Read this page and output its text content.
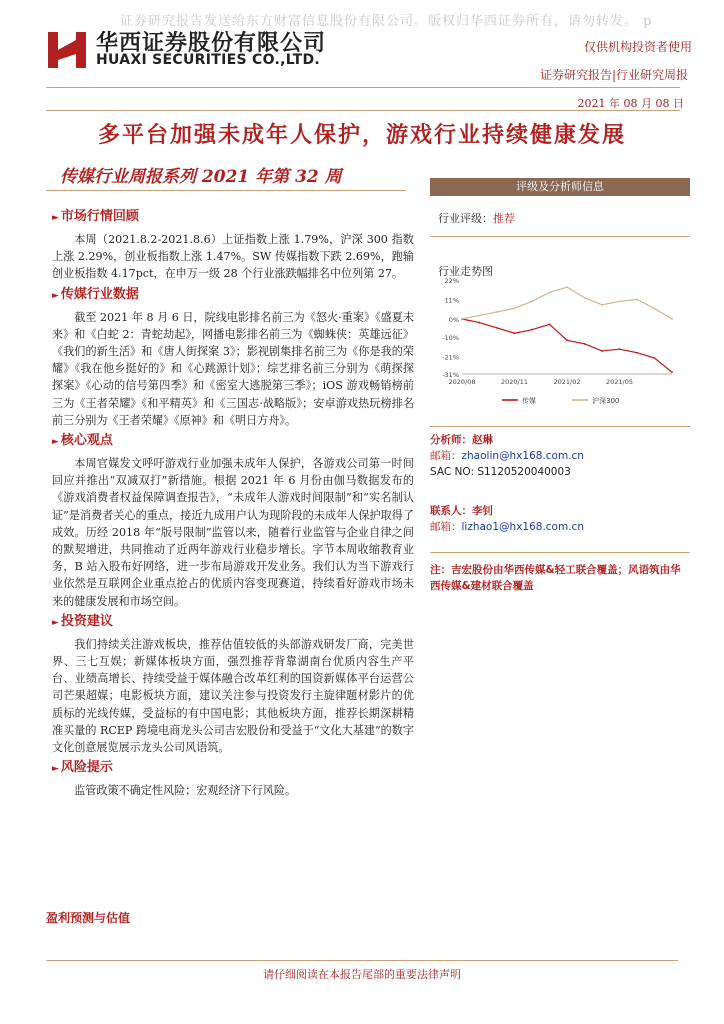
证券研究报告发送给东方财富信息股份有限公司。版权归华西证券所有，请勿转发。 p
华西证券股份有限公司
HUAXI SECURITIES CO.,LTD.
仅供机构投资者使用
证券研究报告|行业研究周报
2021 年 08 月 08 日
多平台加强未成年人保护，游戏行业持续健康发展
传媒行业周报系列 2021 年第 32 周
► 市场行情回顾

本周（2021.8.2-2021.8.6）上证指数上涨 1.79%，沪深 300 指数上涨 2.29%，创业板指数上涨 1.47%。SW 传媒指数下跌 2.69%，跑输创业板指数 4.17pct，在申万一级 28 个行业涨跌幅排名中位列第 27。

► 传媒行业数据

截至 2021 年 8 月 6 日，院线电影排名前三为《怒火·重案》《盛夏未来》和《白蛇 2：青蛇劫起》，网播电影排名前三为《蜘蛛侠：英雄远征》《我们的新生活》和《唐人街探案 3》；影视剧集排名前三为《你是我的荣耀》《我在他乡挺好的》和《心跳源计划》；综艺排名前三分别为《萌探探探案》《心动的信号第四季》和《密室大逃脱第三季》；iOS 游戏畅销榜前三为《王者荣耀》《和平精英》和《三国志·战略版》；安卓游戏热玩榜排名前三分别为《王者荣耀》《原神》和《明日方舟》。

► 核心观点

本周官媒发文呼吁游戏行业加强未成年人保护，各游戏公司第一时间回应并推出“双减双打”新措施。根据 2021 年 6 月份由伽马数据发布的《游戏消费者权益保障调查报告》，“未成年人游戏时间限制”和“实名制认证”是消费者关心的重点，接近九成用户认为现阶段的未成年人保护取得了成效。历经 2018 年“版号限制”监管以来，随着行业监管与企业自律之间的默契增进，共同推动了近两年游戏行业稳步增长。字节本周收缩教育业务，B 站入股布好网络，进一步布局游戏开发业务。我们认为当下游戏行业依然是互联网企业重点抢占的优质内容变现赛道，持续看好游戏市场未来的健康发展和市场空间。

► 投资建议

我们持续关注游戏板块，推荐估值较低的头部游戏研发厂商，完美世界、三七互娱；新媒体板块方面，强烈推荐背靠湖南台优质内容生产平台、业绩高增长、持续受益于媒体融合改革红利的国资新媒体平台运营公司芒果超媒；电影板块方面，建议关注参与投资发行主旋律题材影片的优质标的光线传媒，受益标的有中国电影；其他板块方面，推荐长期深耕精准买量的 RCEP 跨境电商龙头公司吉宏股份和受益于“文化大基建”的数字文化创意展览展示龙头公司风语筑。

► 风险提示

监管政策不确定性风险；宏观经济下行风险。

评级及分析师信息
行业评级：推荐
行业走势图
22%
11%
0%
-10%
-21%
-31%
2020/08	2020/11	2021/02	2021/05
传媒	沪深300
分析师：赵琳
邮箱：zhaolin@hx168.com.cn
SAC NO: S1120520040003
联系人：李钊
邮箱：lizhao1@hx168.com.cn
注：吉宏股份由华西传媒&轻工联合覆盖；风语筑由华西传媒&建材联合覆盖
盈利预测与估值
请仔细阅读在本报告尾部的重要法律声明
